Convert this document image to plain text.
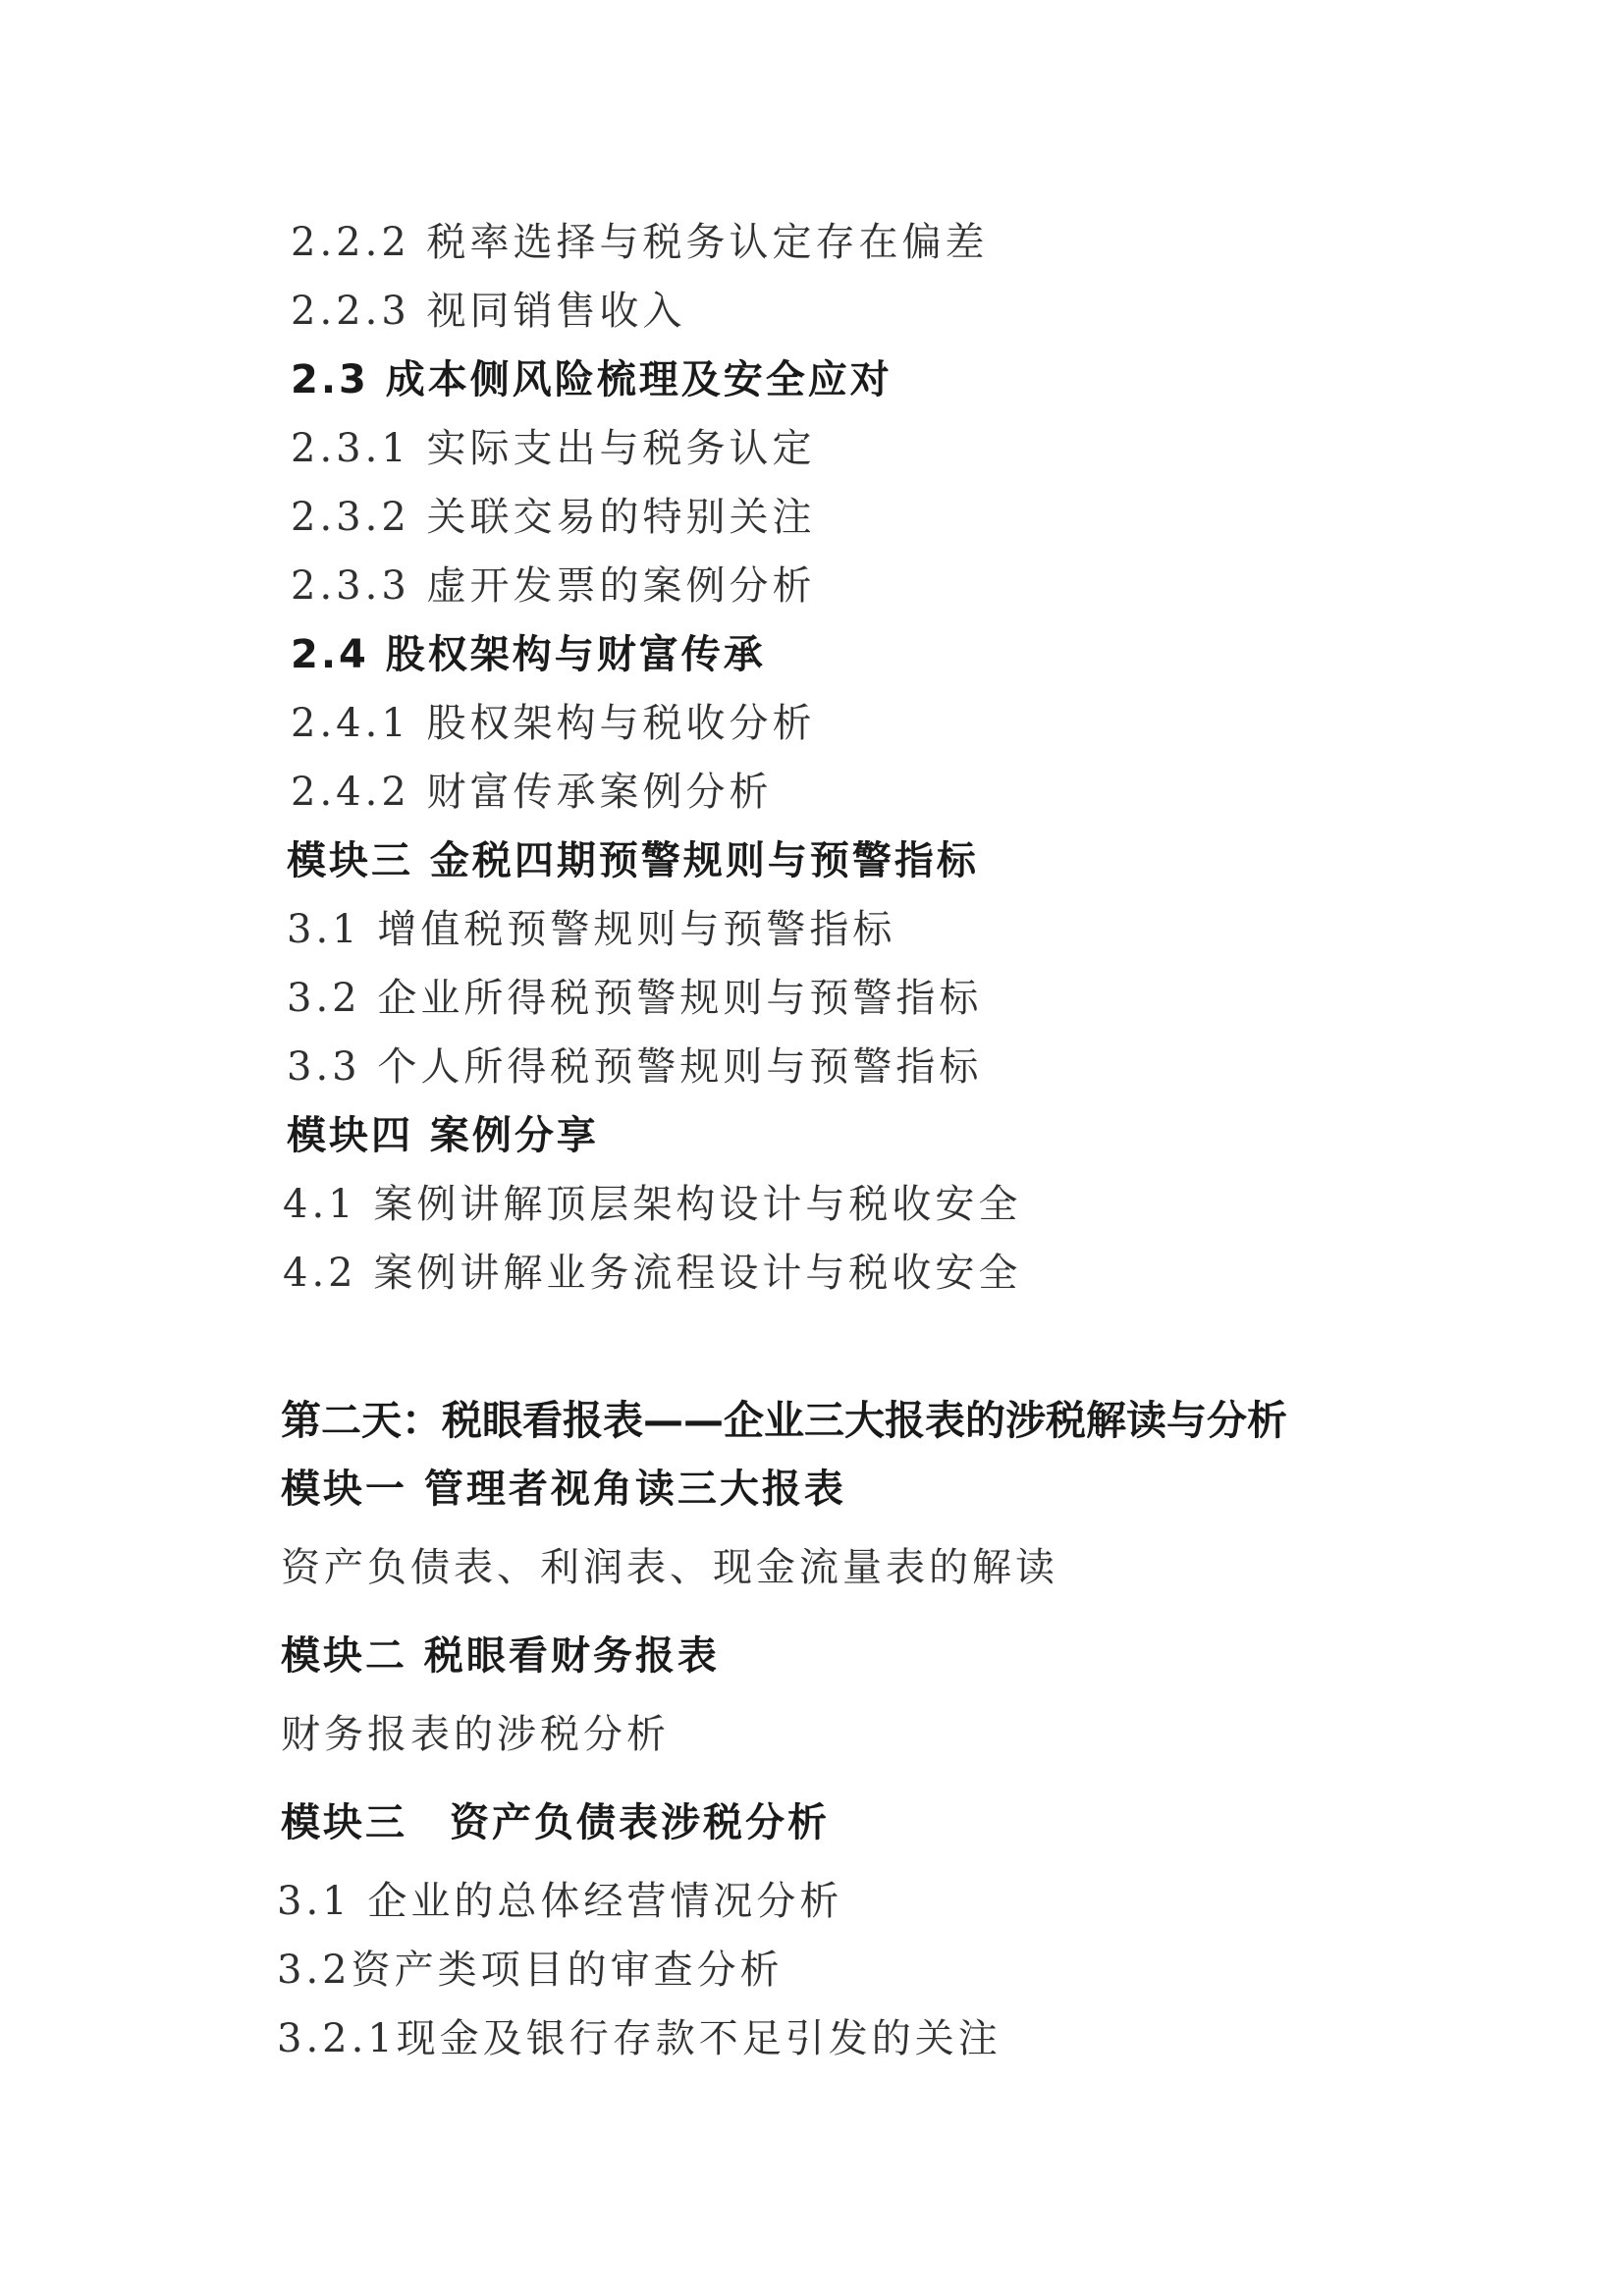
2.2.2 税率选择与税务认定存在偏差
2.2.3 视同销售收入
2.3 成本侧风险梳理及安全应对
2.3.1 实际支出与税务认定
2.3.2 关联交易的特别关注
2.3.3 虚开发票的案例分析
2.4 股权架构与财富传承
2.4.1 股权架构与税收分析
2.4.2 财富传承案例分析
模块三 金税四期预警规则与预警指标
3.1 增值税预警规则与预警指标
3.2 企业所得税预警规则与预警指标
3.3 个人所得税预警规则与预警指标
模块四 案例分享
4.1 案例讲解顶层架构设计与税收安全
4.2 案例讲解业务流程设计与税收安全
第二天：税眼看报表——企业三大报表的涉税解读与分析
模块一 管理者视角读三大报表
资产负债表、利润表、现金流量表的解读
模块二 税眼看财务报表
财务报表的涉税分析
模块三　资产负债表涉税分析
3.1 企业的总体经营情况分析
3.2资产类项目的审查分析
3.2.1现金及银行存款不足引发的关注
